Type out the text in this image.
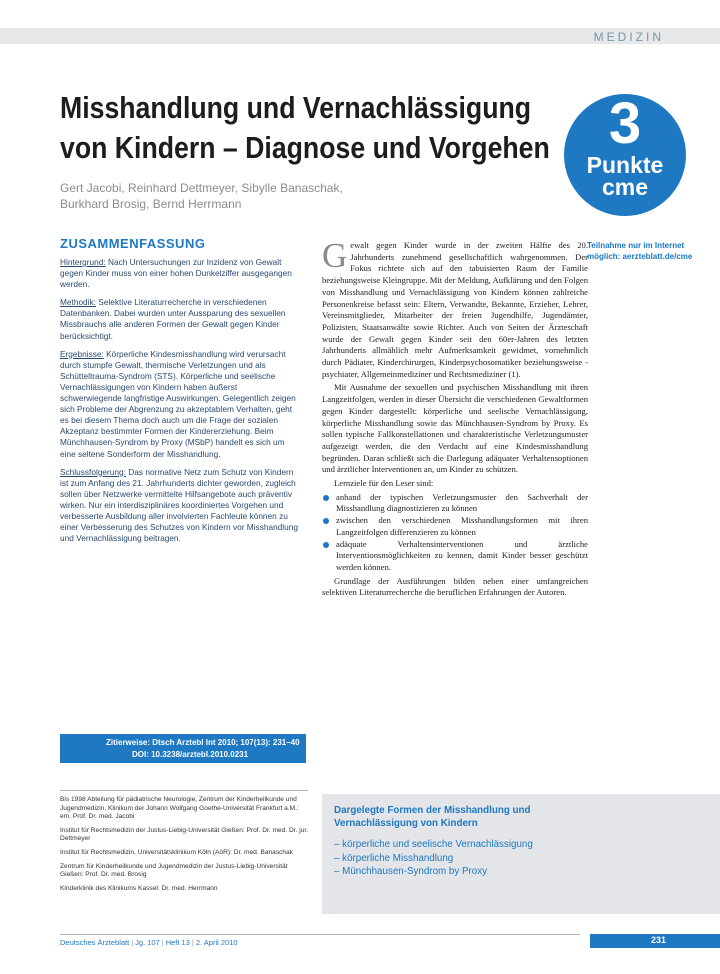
MEDIZIN
Misshandlung und Vernachlässigung
von Kindern – Diagnose und Vorgehen
Gert Jacobi, Reinhard Dettmeyer, Sibylle Banaschak,
Burkhard Brosig, Bernd Herrmann
3
Punkte
cme
Teilnahme nur im Internet möglich: aerzteblatt.de/cme
ZUSAMMENFASSUNG

Hintergrund: Nach Untersuchungen zur Inzidenz von Gewalt gegen Kinder muss von einer hohen Dunkelziffer ausgegangen werden.

Methodik: Selektive Literaturrecherche in verschiedenen Datenbanken. Dabei wurden unter Aussparung des sexuellen Missbrauchs alle anderen Formen der Gewalt gegen Kinder berücksichtigt.

Ergebnisse: Körperliche Kindesmisshandlung wird verursacht durch stumpfe Gewalt, thermische Verletzungen und als Schütteltrauma-Syndrom (STS). Körperliche und seelische Vernachlässigungen von Kindern haben äußerst schwerwiegende langfristige Auswirkungen. Gelegentlich zeigen sich Probleme der Abgrenzung zu akzeptablem Verhalten, geht es bei diesem Thema doch auch um die Frage der sozialen Akzeptanz bestimmter Formen der Kindererziehung. Beim Münchhausen-Syndrom by Proxy (MSbP) handelt es sich um eine seltene Sonderform der Misshandlung.

Schlussfolgerung: Das normative Netz zum Schutz von Kindern ist zum Anfang des 21. Jahrhunderts dichter geworden, zugleich sollen über Netzwerke vermittelte Hilfsangebote auch präventiv wirken. Nur ein interdisziplinäres koordiniertes Vorgehen und verbesserte Ausbildung aller involvierten Fachleute können zu einer Verbesserung des Schutzes von Kindern vor Misshandlung und Vernachlässigung beitragen.

Zitierweise: Dtsch Arztebl Int 2010; 107(13): 231–40
DOI: 10.3238/arztebl.2010.0231

Gewalt gegen Kinder wurde in der zweiten Hälfte des 20. Jahrhunderts zunehmend gesellschaftlich wahrgenommen. Der Fokus richtete sich auf den tabuisierten Raum der Familie beziehungsweise Kleingruppe. Mit der Meldung, Aufklärung und den Folgen von Misshandlung und Vernachlässigung von Kindern können zahlreiche Personenkreise befasst sein: Eltern, Verwandte, Bekannte, Erzieher, Lehrer, Vereinsmitglieder, Mitarbeiter der freien Jugendhilfe, Jugendämter, Polizisten, Staatsanwälte sowie Richter. Auch von Seiten der Ärzteschaft wurde der Gewalt gegen Kinder seit den 60er-Jahren des letzten Jahrhunderts allmählich mehr Aufmerksamkeit gewidmet, vornehmlich durch Pädiater, Kinderchirurgen, Kinderpsychosomatiker beziehungsweise -psychiater, Allgemeinmediziner und Rechtsmediziner (1).

Mit Ausnahme der sexuellen und psychischen Misshandlung mit ihren Langzeitfolgen, werden in dieser Übersicht die verschiedenen Gewaltformen gegen Kinder dargestellt: körperliche und seelische Vernachlässigung, körperliche Misshandlung sowie das Münchhausen-Syndrom by Proxy. Es sollen typische Fallkonstellationen und charakteristische Verletzungsmuster aufgezeigt werden, die den Verdacht auf eine Kindesmisshandlung begründen. Daran schließt sich die Darlegung adäquater Verhaltensoptionen und ärztlicher Interventionen an, um Kinder zu schützen.

Lernziele für den Leser sind:

anhand der typischen Verletzungsmuster den Sachverhalt der Misshandlung diagnostizieren zu können
zwischen den verschiedenen Misshandlungsformen mit ihren Langzeitfolgen differenzieren zu können
adäquate Verhaltensinterventionen und ärztliche Interventionsmöglichkeiten zu kennen, damit Kinder besser geschützt werden können.

Grundlage der Ausführungen bilden neben einer umfangreichen selektiven Literaturrecherche die beruflichen Erfahrungen der Autoren.

Bis 1998 Abteilung für pädiatrische Neurologie, Zentrum der Kinderheilkunde und Jugendmedizin, Klinikum der Johann Wolfgang Goethe-Universität Frankfurt a.M.: em. Prof. Dr. med. Jacobi

Institut für Rechtsmedizin der Justus-Liebig-Universität Gießen: Prof. Dr. med. Dr. jur. Dettmeyer

Institut für Rechtsmedizin, Universitätsklinikum Köln (AöR): Dr. med. Banaschak

Zentrum für Kinderheilkunde und Jugendmedizin der Justus-Liebig-Universität Gießen: Prof. Dr. med. Brosig

Kinderklinik des Klinikums Kassel: Dr. med. Herrmann

Dargelegte Formen der Misshandlung und
Vernachlässigung von Kindern
– körperliche und seelische Vernachlässigung
– körperliche Misshandlung
– Münchhausen-Syndrom by Proxy
Deutsches Ärzteblatt | Jg. 107 | Heft 13 | 2. April 2010	231
